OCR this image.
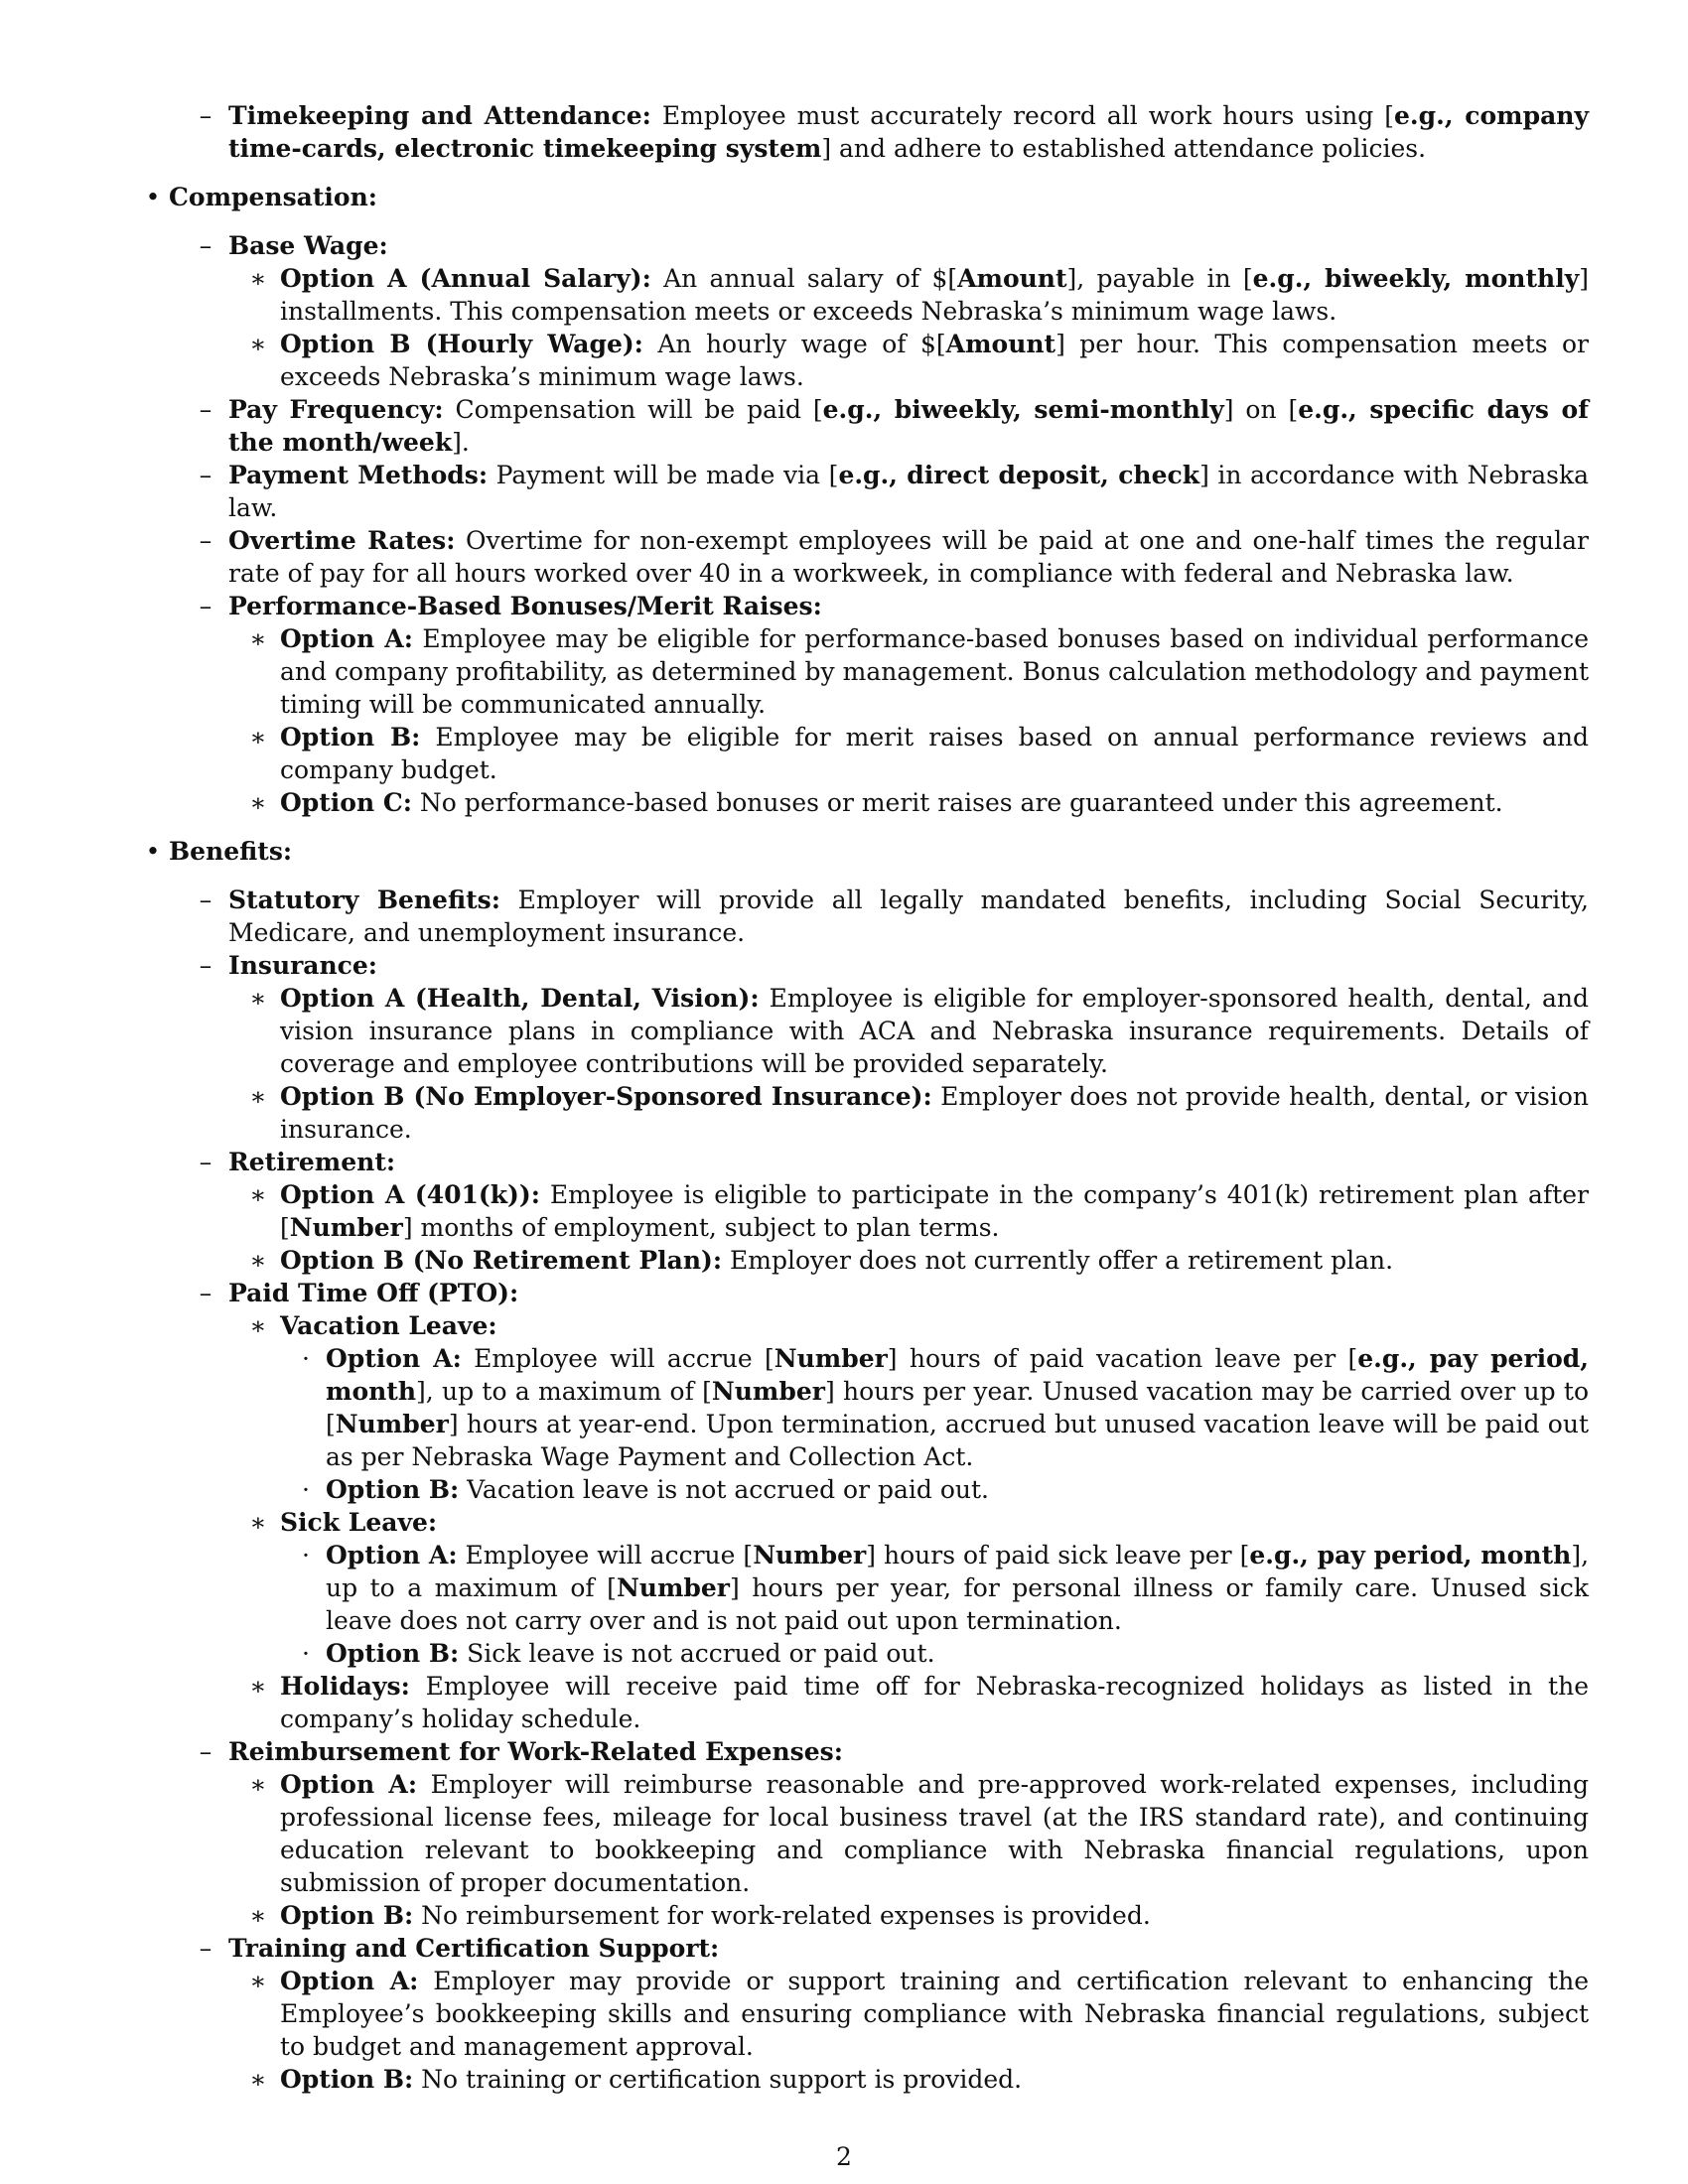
– Timekeeping and Attendance: Employee must accurately record all work hours using [e.g., company time-cards, electronic timekeeping system] and adhere to established attendance policies.
• Compensation:
– Base Wage:
∗ Option A (Annual Salary): An annual salary of $[Amount], payable in [e.g., biweekly, monthly] installments. This compensation meets or exceeds Nebraska’s minimum wage laws.
∗ Option B (Hourly Wage): An hourly wage of $[Amount] per hour. This compensation meets or exceeds Nebraska’s minimum wage laws.
– Pay Frequency: Compensation will be paid [e.g., biweekly, semi-monthly] on [e.g., specific days of the month/week].
– Payment Methods: Payment will be made via [e.g., direct deposit, check] in accordance with Nebraska law.
– Overtime Rates: Overtime for non-exempt employees will be paid at one and one-half times the regular rate of pay for all hours worked over 40 in a workweek, in compliance with federal and Nebraska law.
– Performance-Based Bonuses/Merit Raises:
∗ Option A: Employee may be eligible for performance-based bonuses based on individual performance and company profitability, as determined by management. Bonus calculation methodology and payment timing will be communicated annually.
∗ Option B: Employee may be eligible for merit raises based on annual performance reviews and company budget.
∗ Option C: No performance-based bonuses or merit raises are guaranteed under this agreement.
• Benefits:
– Statutory Benefits: Employer will provide all legally mandated benefits, including Social Security, Medicare, and unemployment insurance.
– Insurance:
∗ Option A (Health, Dental, Vision): Employee is eligible for employer-sponsored health, dental, and vision insurance plans in compliance with ACA and Nebraska insurance requirements. Details of coverage and employee contributions will be provided separately.
∗ Option B (No Employer-Sponsored Insurance): Employer does not provide health, dental, or vision insurance.
– Retirement:
∗ Option A (401(k)): Employee is eligible to participate in the company’s 401(k) retirement plan after [Number] months of employment, subject to plan terms.
∗ Option B (No Retirement Plan): Employer does not currently offer a retirement plan.
– Paid Time Off (PTO):
∗ Vacation Leave:
· Option A: Employee will accrue [Number] hours of paid vacation leave per [e.g., pay period, month], up to a maximum of [Number] hours per year. Unused vacation may be carried over up to [Number] hours at year-end. Upon termination, accrued but unused vacation leave will be paid out as per Nebraska Wage Payment and Collection Act.
· Option B: Vacation leave is not accrued or paid out.
∗ Sick Leave:
· Option A: Employee will accrue [Number] hours of paid sick leave per [e.g., pay period, month], up to a maximum of [Number] hours per year, for personal illness or family care. Unused sick leave does not carry over and is not paid out upon termination.
· Option B: Sick leave is not accrued or paid out.
∗ Holidays: Employee will receive paid time off for Nebraska-recognized holidays as listed in the company’s holiday schedule.
– Reimbursement for Work-Related Expenses:
∗ Option A: Employer will reimburse reasonable and pre-approved work-related expenses, including professional license fees, mileage for local business travel (at the IRS standard rate), and continuing education relevant to bookkeeping and compliance with Nebraska financial regulations, upon submission of proper documentation.
∗ Option B: No reimbursement for work-related expenses is provided.
– Training and Certification Support:
∗ Option A: Employer may provide or support training and certification relevant to enhancing the Employee’s bookkeeping skills and ensuring compliance with Nebraska financial regulations, subject to budget and management approval.
∗ Option B: No training or certification support is provided.
2
